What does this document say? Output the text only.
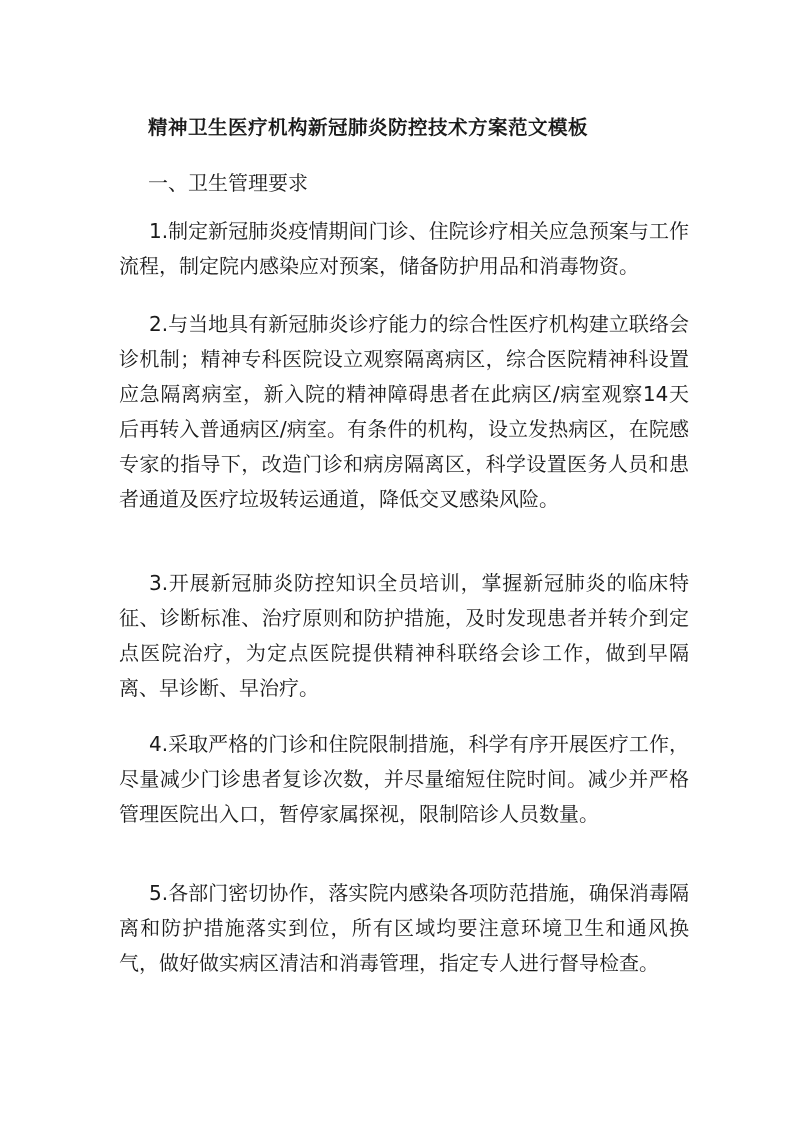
精神卫生医疗机构新冠肺炎防控技术方案范文模板
一、卫生管理要求

1.制定新冠肺炎疫情期间门诊、住院诊疗相关应急预案与工作流程，制定院内感染应对预案，储备防护用品和消毒物资。

2.与当地具有新冠肺炎诊疗能力的综合性医疗机构建立联络会诊机制；精神专科医院设立观察隔离病区，综合医院精神科设置应急隔离病室，新入院的精神障碍患者在此病区/病室观察14天后再转入普通病区/病室。有条件的机构，设立发热病区，在院感专家的指导下，改造门诊和病房隔离区，科学设置医务人员和患者通道及医疗垃圾转运通道，降低交叉感染风险。

3.开展新冠肺炎防控知识全员培训，掌握新冠肺炎的临床特征、诊断标准、治疗原则和防护措施，及时发现患者并转介到定点医院治疗，为定点医院提供精神科联络会诊工作，做到早隔离、早诊断、早治疗。

4.采取严格的门诊和住院限制措施，科学有序开展医疗工作，尽量减少门诊患者复诊次数，并尽量缩短住院时间。减少并严格管理医院出入口，暂停家属探视，限制陪诊人员数量。

5.各部门密切协作，落实院内感染各项防范措施，确保消毒隔离和防护措施落实到位，所有区域均要注意环境卫生和通风换气，做好做实病区清洁和消毒管理，指定专人进行督导检查。
